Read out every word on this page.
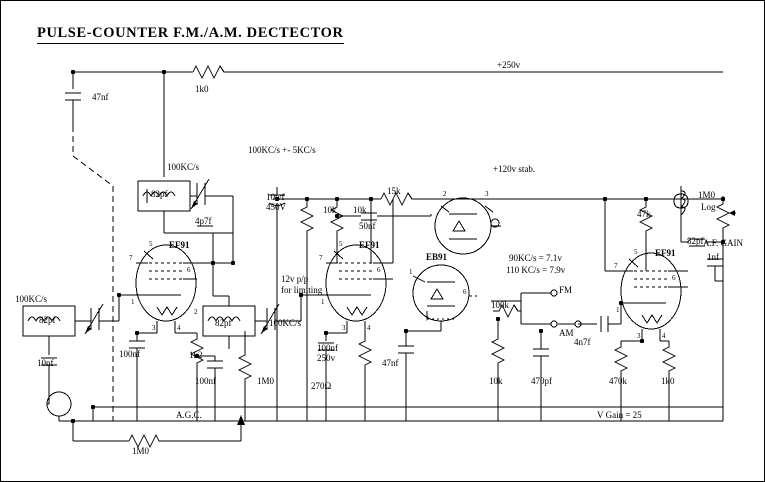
PULSE-COUNTER F.M./A.M. DECTECTOR
47nf
1k0
+250v
100KC/s +- 5KC/s
100KC/s
82pf
4p7f
10wf
450V	10k 10k
50nf
15k
+120v stab.
100KC/s
82pf
10nf
100nf	1k2
100nf	1M0
82pf	100KC/s
12v p/p
for limiting
100nf
250v
270Ω
47nf
10k	470pf
100k
90KC/s = 7.1v
110 KC/s = 7.9v
FM
AM
4n7f
470k	1k0
47k
1M0
Log
82pf
1nf
A.F. GAIN
A.G.C.
1M0
V Gain = 25
EF91	EF91
EB91	EF91
5
7
1
3	4
2
6
5
7
1
3	4
6
2	3
1
7
6
5
7
1
3	4
6
